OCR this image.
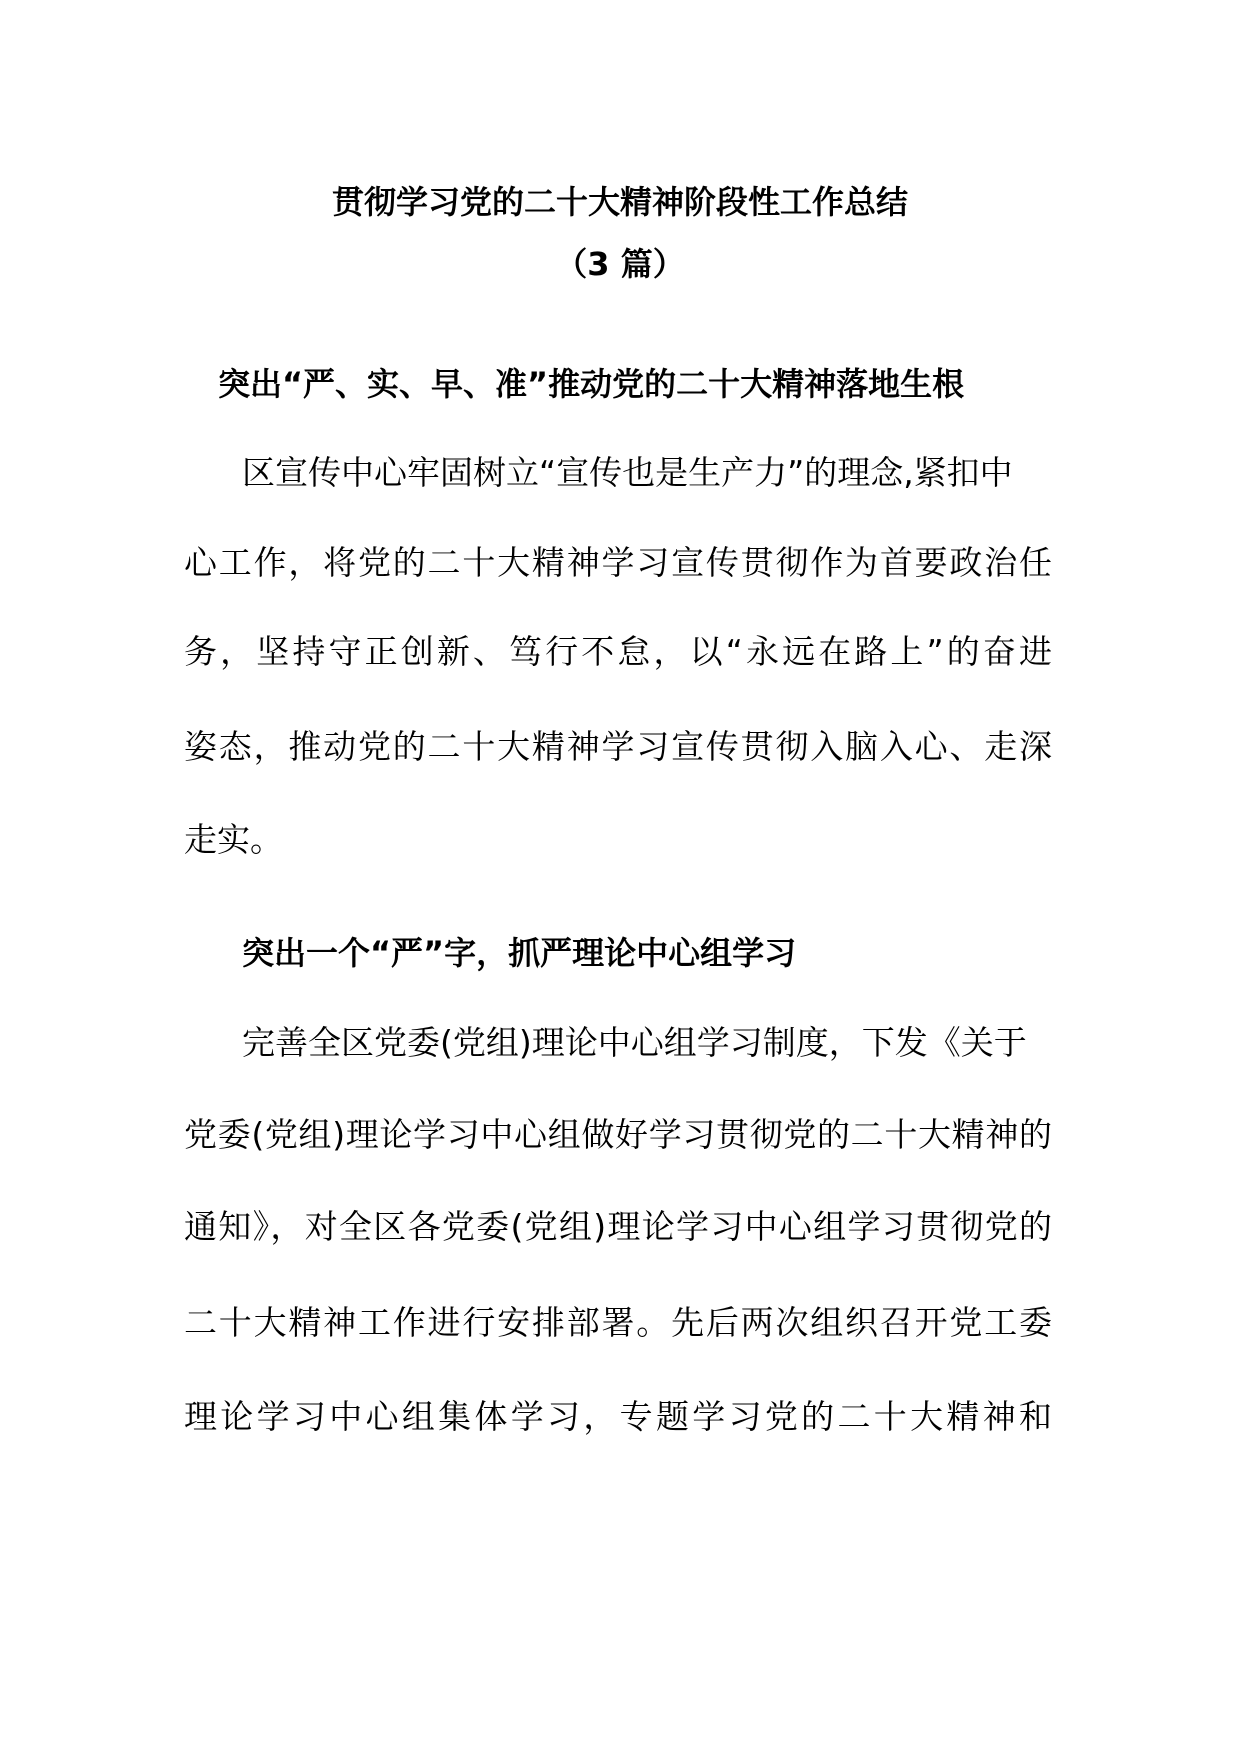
贯彻学习党的二十大精神阶段性工作总结
（3 篇）
突出“严、实、早、准”推动党的二十大精神落地生根
区宣传中心牢固树立“宣传也是生产力”的理念,紧扣中
心工作，将党的二十大精神学习宣传贯彻作为首要政治任
务，坚持守正创新、笃行不怠，以“永远在路上”的奋进
姿态，推动党的二十大精神学习宣传贯彻入脑入心、走深
走实。
突出一个“严”字，抓严理论中心组学习
完善全区党委(党组)理论中心组学习制度，下发《关于
党委(党组)理论学习中心组做好学习贯彻党的二十大精神的
通知》，对全区各党委(党组)理论学习中心组学习贯彻党的
二十大精神工作进行安排部署。先后两次组织召开党工委
理论学习中心组集体学习，专题学习党的二十大精神和
